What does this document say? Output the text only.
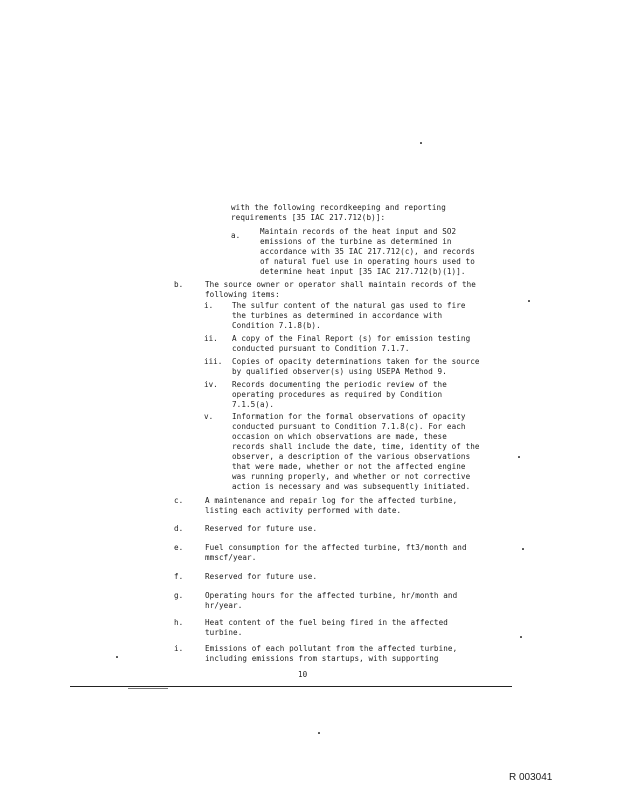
with the following recordkeeping and reporting
requirements [35 IAC 217.712(b)]:
a.	Maintain records of the heat input and SO2
emissions of the turbine as determined in
accordance with 35 IAC 217.712(c), and records
of natural fuel use in operating hours used to
determine heat input [35 IAC 217.712(b)(1)].
b.	The source owner or operator shall maintain records of the
following items:
i. The sulfur content of the natural gas used to fire
the turbines as determined in accordance with
Condition 7.1.8(b).
ii. A copy of the Final Report (s) for emission testing
conducted pursuant to Condition 7.1.7.
iii. Copies of opacity determinations taken for the source
by qualified observer(s) using USEPA Method 9.
iv. Records documenting the periodic review of the
operating procedures as required by Condition
7.1.5(a).
v. Information for the formal observations of opacity
conducted pursuant to Condition 7.1.8(c). For each
occasion on which observations are made, these
records shall include the date, time, identity of the
observer, a description of the various observations
that were made, whether or not the affected engine
was running properly, and whether or not corrective
action is necessary and was subsequently initiated.
c.	A maintenance and repair log for the affected turbine,
listing each activity performed with date.
d.	Reserved for future use.
e.	Fuel consumption for the affected turbine, ft3/month and
mmscf/year.
f.	Reserved for future use.
g.	Operating hours for the affected turbine, hr/month and
hr/year.
h.	Heat content of the fuel being fired in the affected
turbine.
i.	Emissions of each pollutant from the affected turbine,
including emissions from startups, with supporting
10
R 003041
